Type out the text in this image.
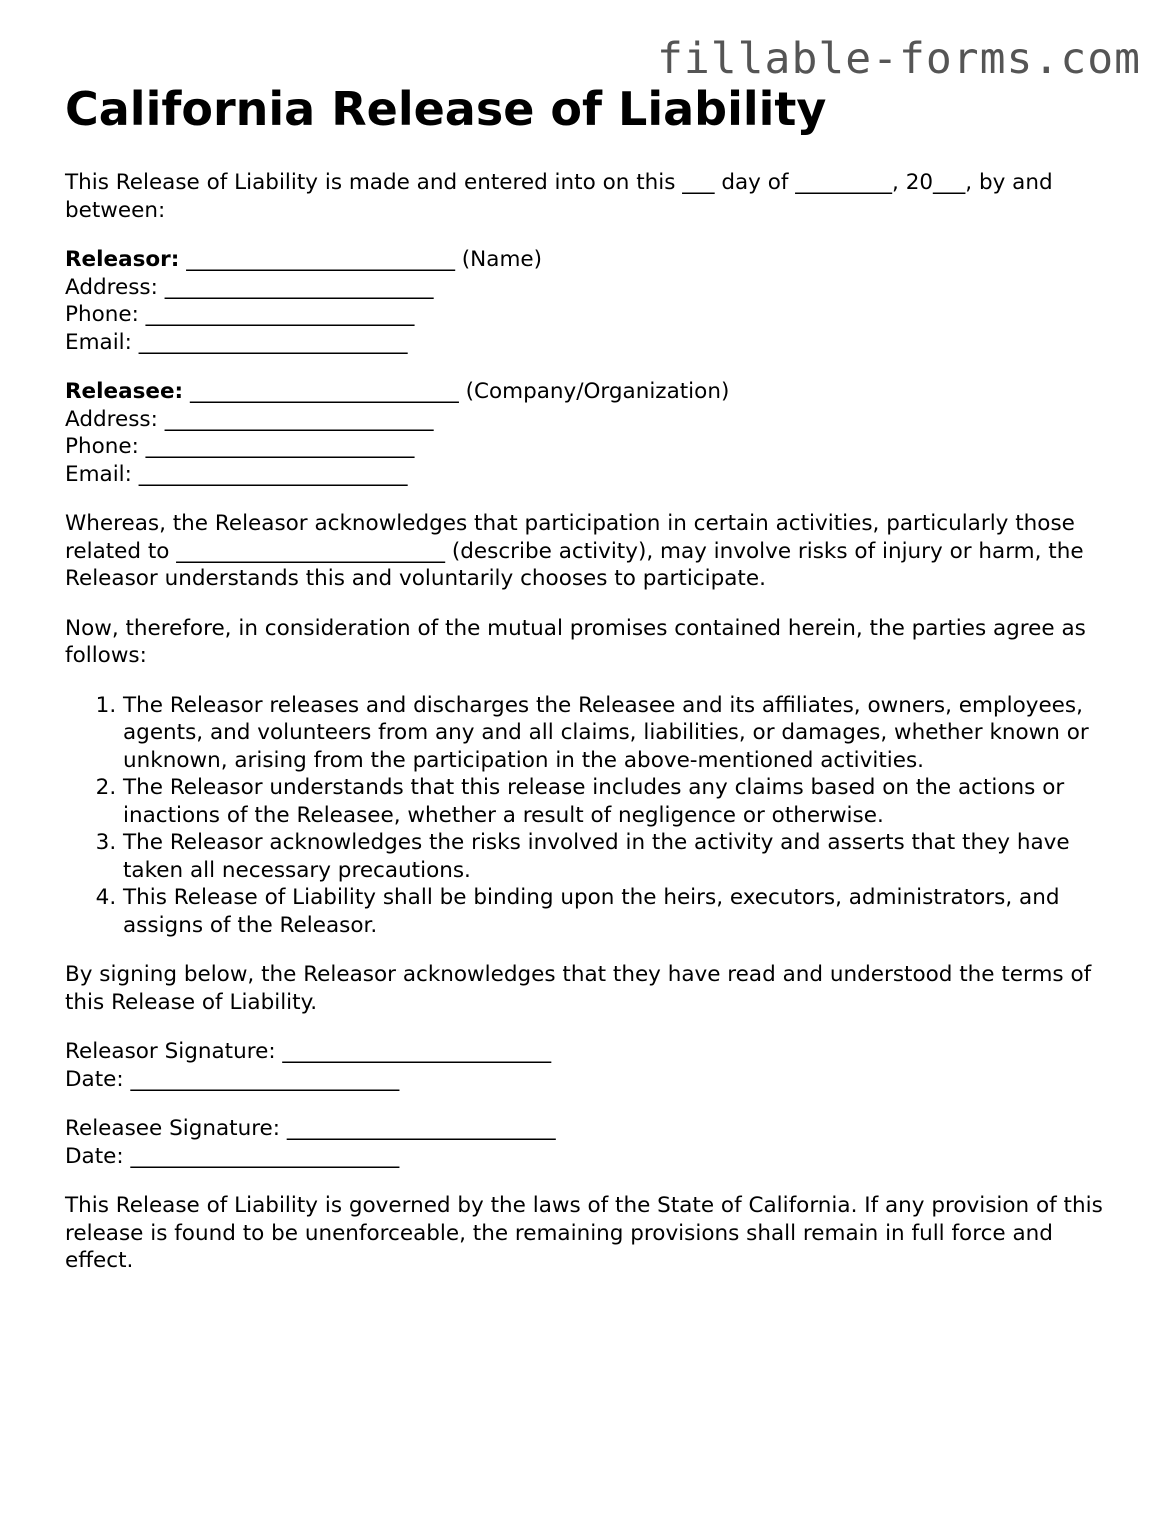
fillable-forms.com
California Release of Liability

This Release of Liability is made and entered into on this ___ day of _________, 20___, by and between:

Releasor: _________________________ (Name)
Address: _________________________
Phone: _________________________
Email: _________________________
Releasee: _________________________ (Company/Organization)
Address: _________________________
Phone: _________________________
Email: _________________________

Whereas, the Releasor acknowledges that participation in certain activities, particularly those related to _________________________ (describe activity), may involve risks of injury or harm, the Releasor understands this and voluntarily chooses to participate.

Now, therefore, in consideration of the mutual promises contained herein, the parties agree as follows:

1. The Releasor releases and discharges the Releasee and its affiliates, owners, employees, agents, and volunteers from any and all claims, liabilities, or damages, whether known or unknown, arising from the participation in the above-mentioned activities.
2. The Releasor understands that this release includes any claims based on the actions or inactions of the Releasee, whether a result of negligence or otherwise.
3. The Releasor acknowledges the risks involved in the activity and asserts that they have taken all necessary precautions.
4. This Release of Liability shall be binding upon the heirs, executors, administrators, and assigns of the Releasor.

By signing below, the Releasor acknowledges that they have read and understood the terms of this Release of Liability.

Releasor Signature: _________________________
Date: _________________________
Releasee Signature: _________________________
Date: _________________________

This Release of Liability is governed by the laws of the State of California. If any provision of this release is found to be unenforceable, the remaining provisions shall remain in full force and effect.
